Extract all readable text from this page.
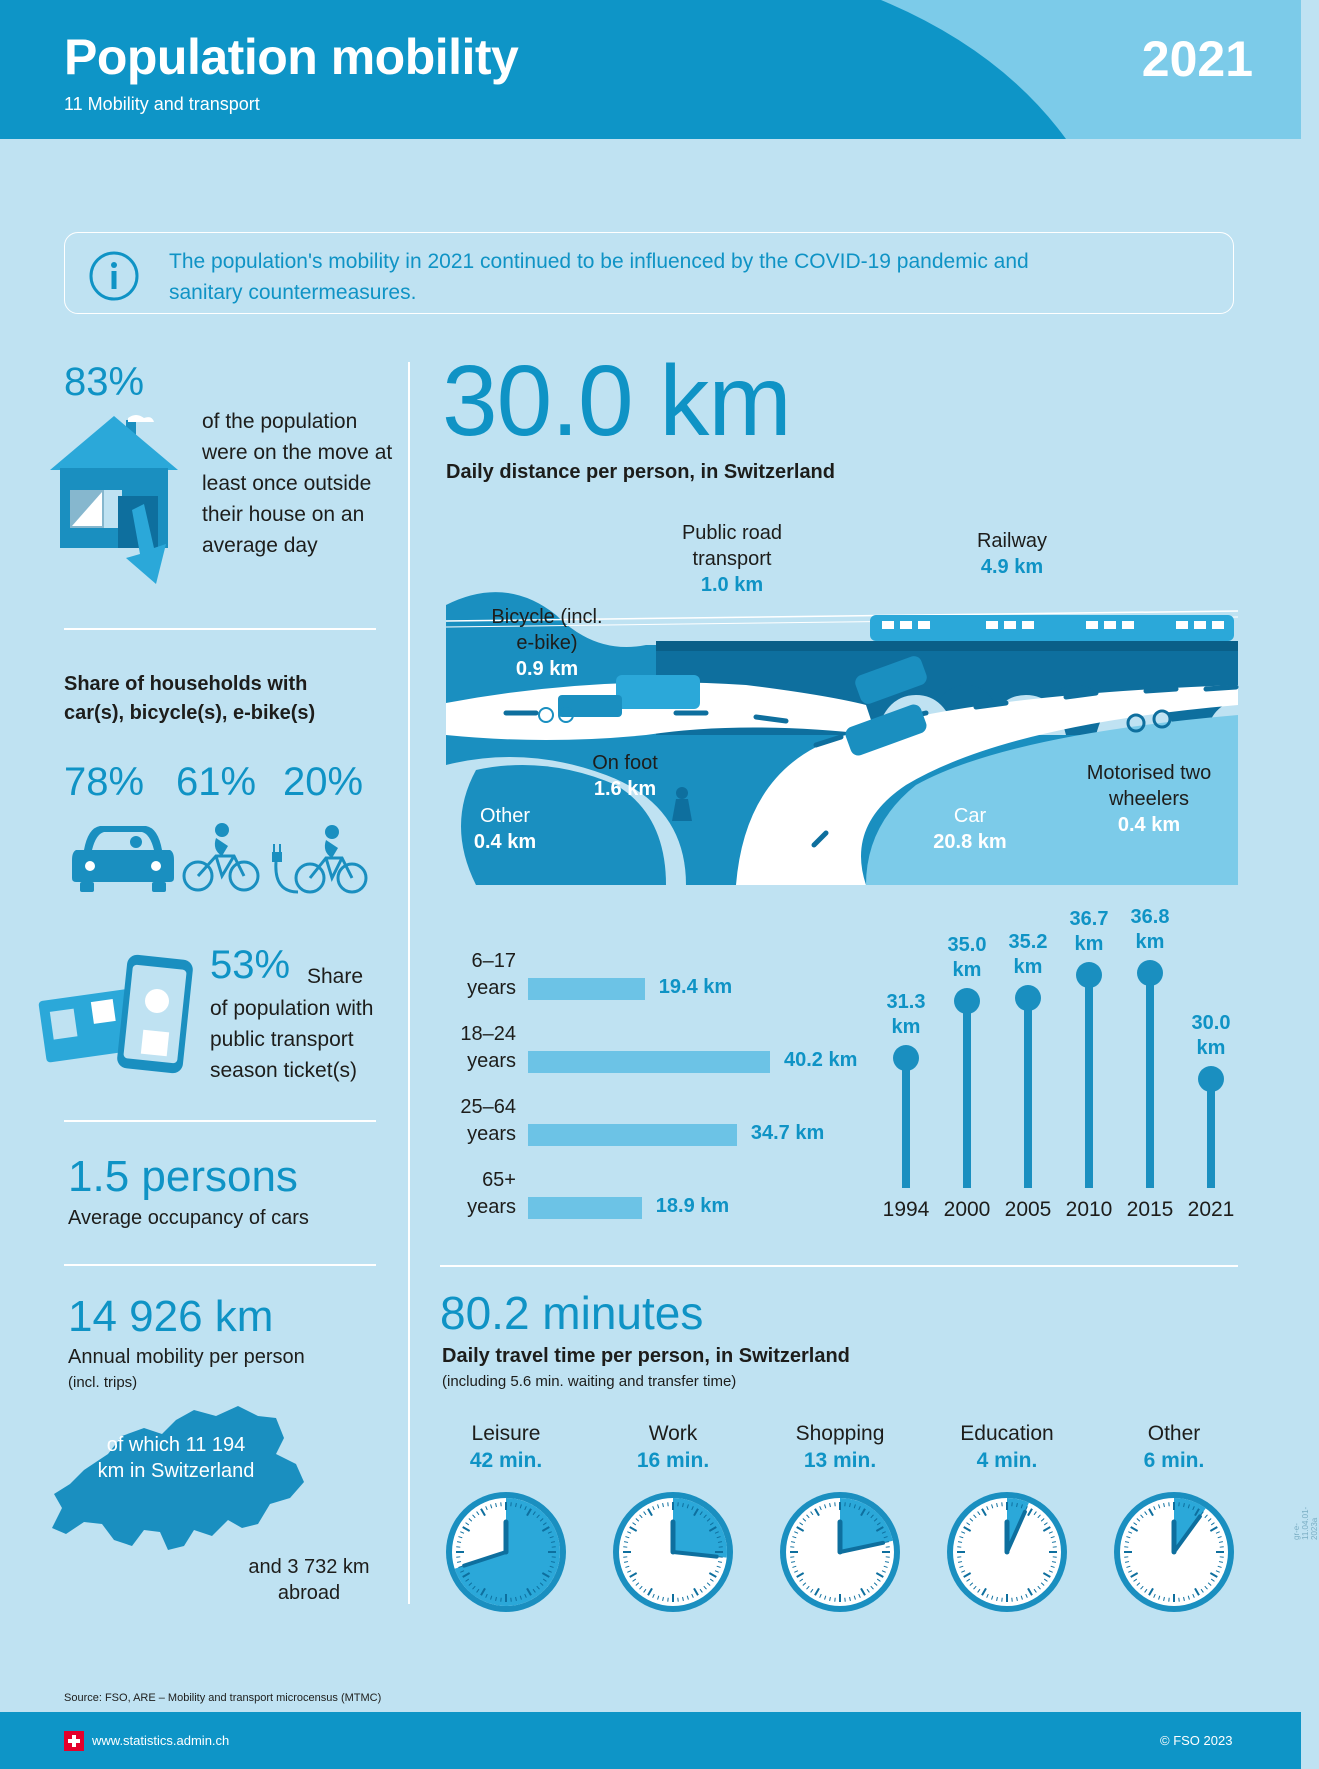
Population mobility
11 Mobility and transport
2021
The population's mobility in 2021 continued to be influenced by the COVID-19 pandemic and sanitary countermeasures.
83%
of the population were on the move at least once outside their house on an average day
Share of households with car(s), bicycle(s), e-bike(s)
78% 61% 20%
53% Share
of population with public transport season ticket(s)
1.5 persons
Average occupancy of cars
14 926 km
Annual mobility per person
(incl. trips)
of which 11 194 km in Switzerland
and 3 732 km abroad
30.0 km
Daily distance per person, in Switzerland
Public road transport
1.0 km
Railway
4.9 km
Bicycle (incl. e-bike)
0.9 km
On foot
1.6 km
Other
0.4 km
Car
20.8 km
Motorised two wheelers
0.4 km
6–17
years	19.4 km
18–24
years	40.2 km
25–64
years	34.7 km
65+
years	18.9 km
31.3
km
1994
35.0
km
2000
35.2
km
2005
36.7
km
2010
36.8
km
2015
30.0
km
2021
80.2 minutes
Daily travel time per person, in Switzerland
(including 5.6 min. waiting and transfer time)
Leisure
42 min.
Work
16 min.
Shopping
13 min.
Education
4 min.
Other
6 min.
Source: FSO, ARE – Mobility and transport microcensus (MTMC)
gr-e-11.04.01-2023a
www.statistics.admin.ch	© FSO 2023
